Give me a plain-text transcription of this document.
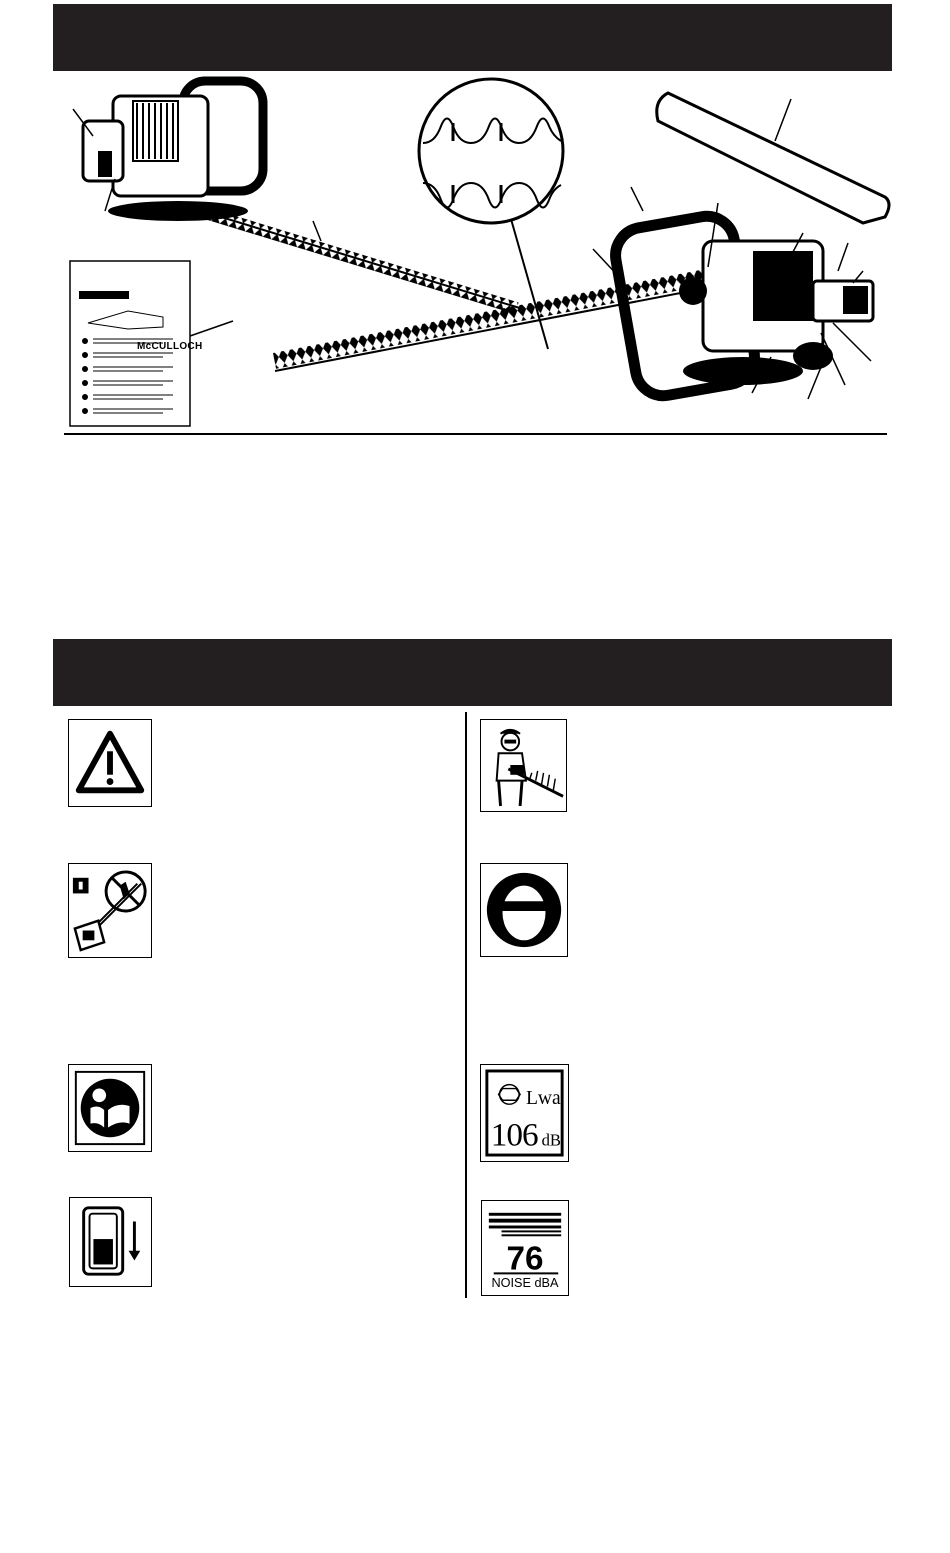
McCULLOCH
Lwa
106 dB
76
NOISE dBA
